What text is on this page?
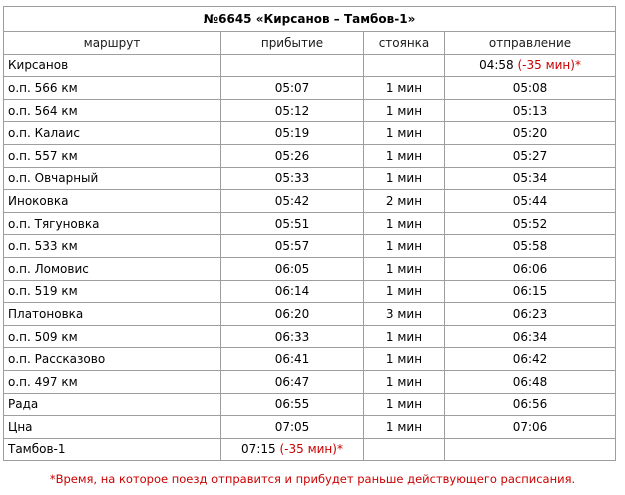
№6645 «Кирсанов – Тамбов-1»			
маршрут	прибытие	стоянка	отправление
Кирсанов			04:58 (-35 мин)*
о.п. 566 км	05:07	1 мин	05:08
о.п. 564 км	05:12	1 мин	05:13
о.п. Калаис	05:19	1 мин	05:20
о.п. 557 км	05:26	1 мин	05:27
о.п. Овчарный	05:33	1 мин	05:34
Иноковка	05:42	2 мин	05:44
о.п. Тягуновка	05:51	1 мин	05:52
о.п. 533 км	05:57	1 мин	05:58
о.п. Ломовис	06:05	1 мин	06:06
о.п. 519 км	06:14	1 мин	06:15
Платоновка	06:20	3 мин	06:23
о.п. 509 км	06:33	1 мин	06:34
о.п. Рассказово	06:41	1 мин	06:42
о.п. 497 км	06:47	1 мин	06:48
Рада	06:55	1 мин	06:56
Цна	07:05	1 мин	07:06
Тамбов-1	07:15 (-35 мин)*		
*Время, на которое поезд отправится и прибудет раньше действующего расписания.
